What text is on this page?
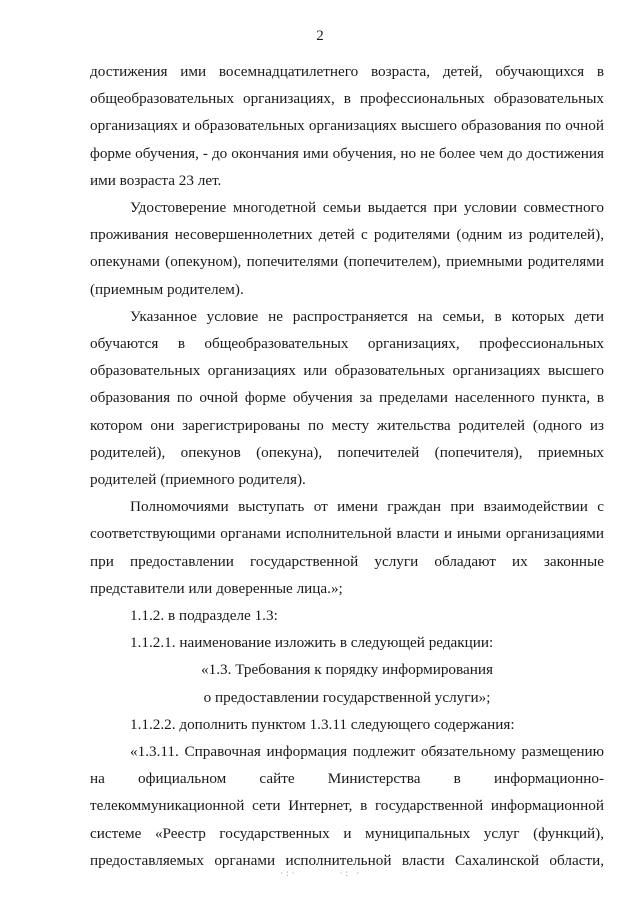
2

достижения ими восемнадцатилетнего возраста, детей, обучающихся в общеобразовательных организациях, в профессиональных образовательных организациях и образовательных организациях высшего образования по очной форме обучения, - до окончания ими обучения, но не более чем до достижения ими возраста 23 лет.

Удостоверение многодетной семьи выдается при условии совместного проживания несовершеннолетних детей с родителями (одним из родителей), опекунами (опекуном), попечителями (попечителем), приемными родителями (приемным родителем).

Указанное условие не распространяется на семьи, в которых дети обучаются в общеобразовательных организациях, профессиональных образовательных организациях или образовательных организациях высшего образования по очной форме обучения за пределами населенного пункта, в котором они зарегистрированы по месту жительства родителей (одного из родителей), опекунов (опекуна), попечителей (попечителя), приемных родителей (приемного родителя).

Полномочиями выступать от имени граждан при взаимодействии с соответствующими органами исполнительной власти и иными организациями при предоставлении государственной услуги обладают их законные представители или доверенные лица.»;

1.1.2. в подразделе 1.3:

1.1.2.1. наименование изложить в следующей редакции:

«1.3. Требования к порядку информирования

о предоставлении государственной услуги»;

1.1.2.2. дополнить пунктом 1.3.11 следующего содержания:

«1.3.11. Справочная информация подлежит обязательному размещению на официальном сайте Министерства в информационно-телекоммуникационной сети Интернет, в государственной информационной системе «Реестр государственных и муниципальных услуг (функций), предоставляемых органами исполнительной власти Сахалинской области,

·:·        ·: ·
